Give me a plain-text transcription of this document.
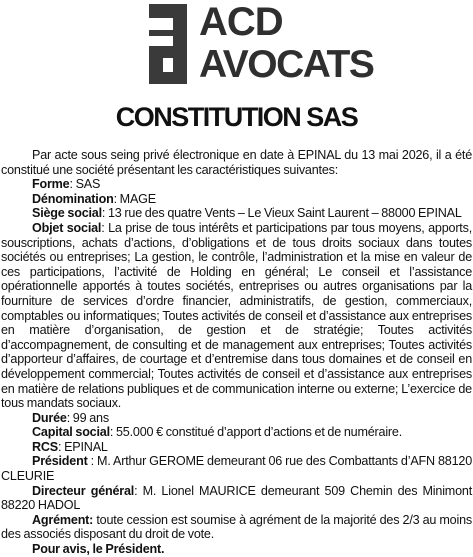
ACD
AVOCATS
CONSTITUTION SAS

Par acte sous seing privé électronique en date à EPINAL du 13 mai 2026, il a été constitué une société présentant les caractéristiques suivantes:

Forme: SAS

Dénomination: MAGE

Siège social: 13 rue des quatre Vents – Le Vieux Saint Laurent – 88000 EPINAL

Objet social: La prise de tous intérêts et participations par tous moyens, apports, souscriptions, achats d’actions, d’obligations et de tous droits sociaux dans toutes sociétés ou entreprises; La gestion, le contrôle, l’administration et la mise en valeur de ces participations, l’activité de Holding en général; Le conseil et l’assistance opérationnelle apportés à toutes sociétés, entreprises ou autres organisations par la fourniture de services d’ordre financier, administratifs, de gestion, commerciaux, comptables ou informatiques; Toutes activités de conseil et d’assistance aux entreprises en matière d’organisation, de gestion et de stratégie; Toutes activités d’accompagnement, de consulting et de management aux entreprises; Toutes activités d’apporteur d’affaires, de courtage et d’entremise dans tous domaines et de conseil en développement commercial; Toutes activités de conseil et d’assistance aux entreprises en matière de relations publiques et de communication interne ou externe; L’exercice de tous mandats sociaux.

Durée: 99 ans

Capital social: 55.000 € constitué d’apport d’actions et de numéraire.

RCS: EPINAL

Président : M. Arthur GEROME demeurant 06 rue des Combattants d’AFN 88120 CLEURIE

Directeur général: M. Lionel MAURICE demeurant 509 Chemin des Minimont 88220 HADOL

Agrément: toute cession est soumise à agrément de la majorité des 2/3 au moins des associés disposant du droit de vote.

Pour avis, le Président.
